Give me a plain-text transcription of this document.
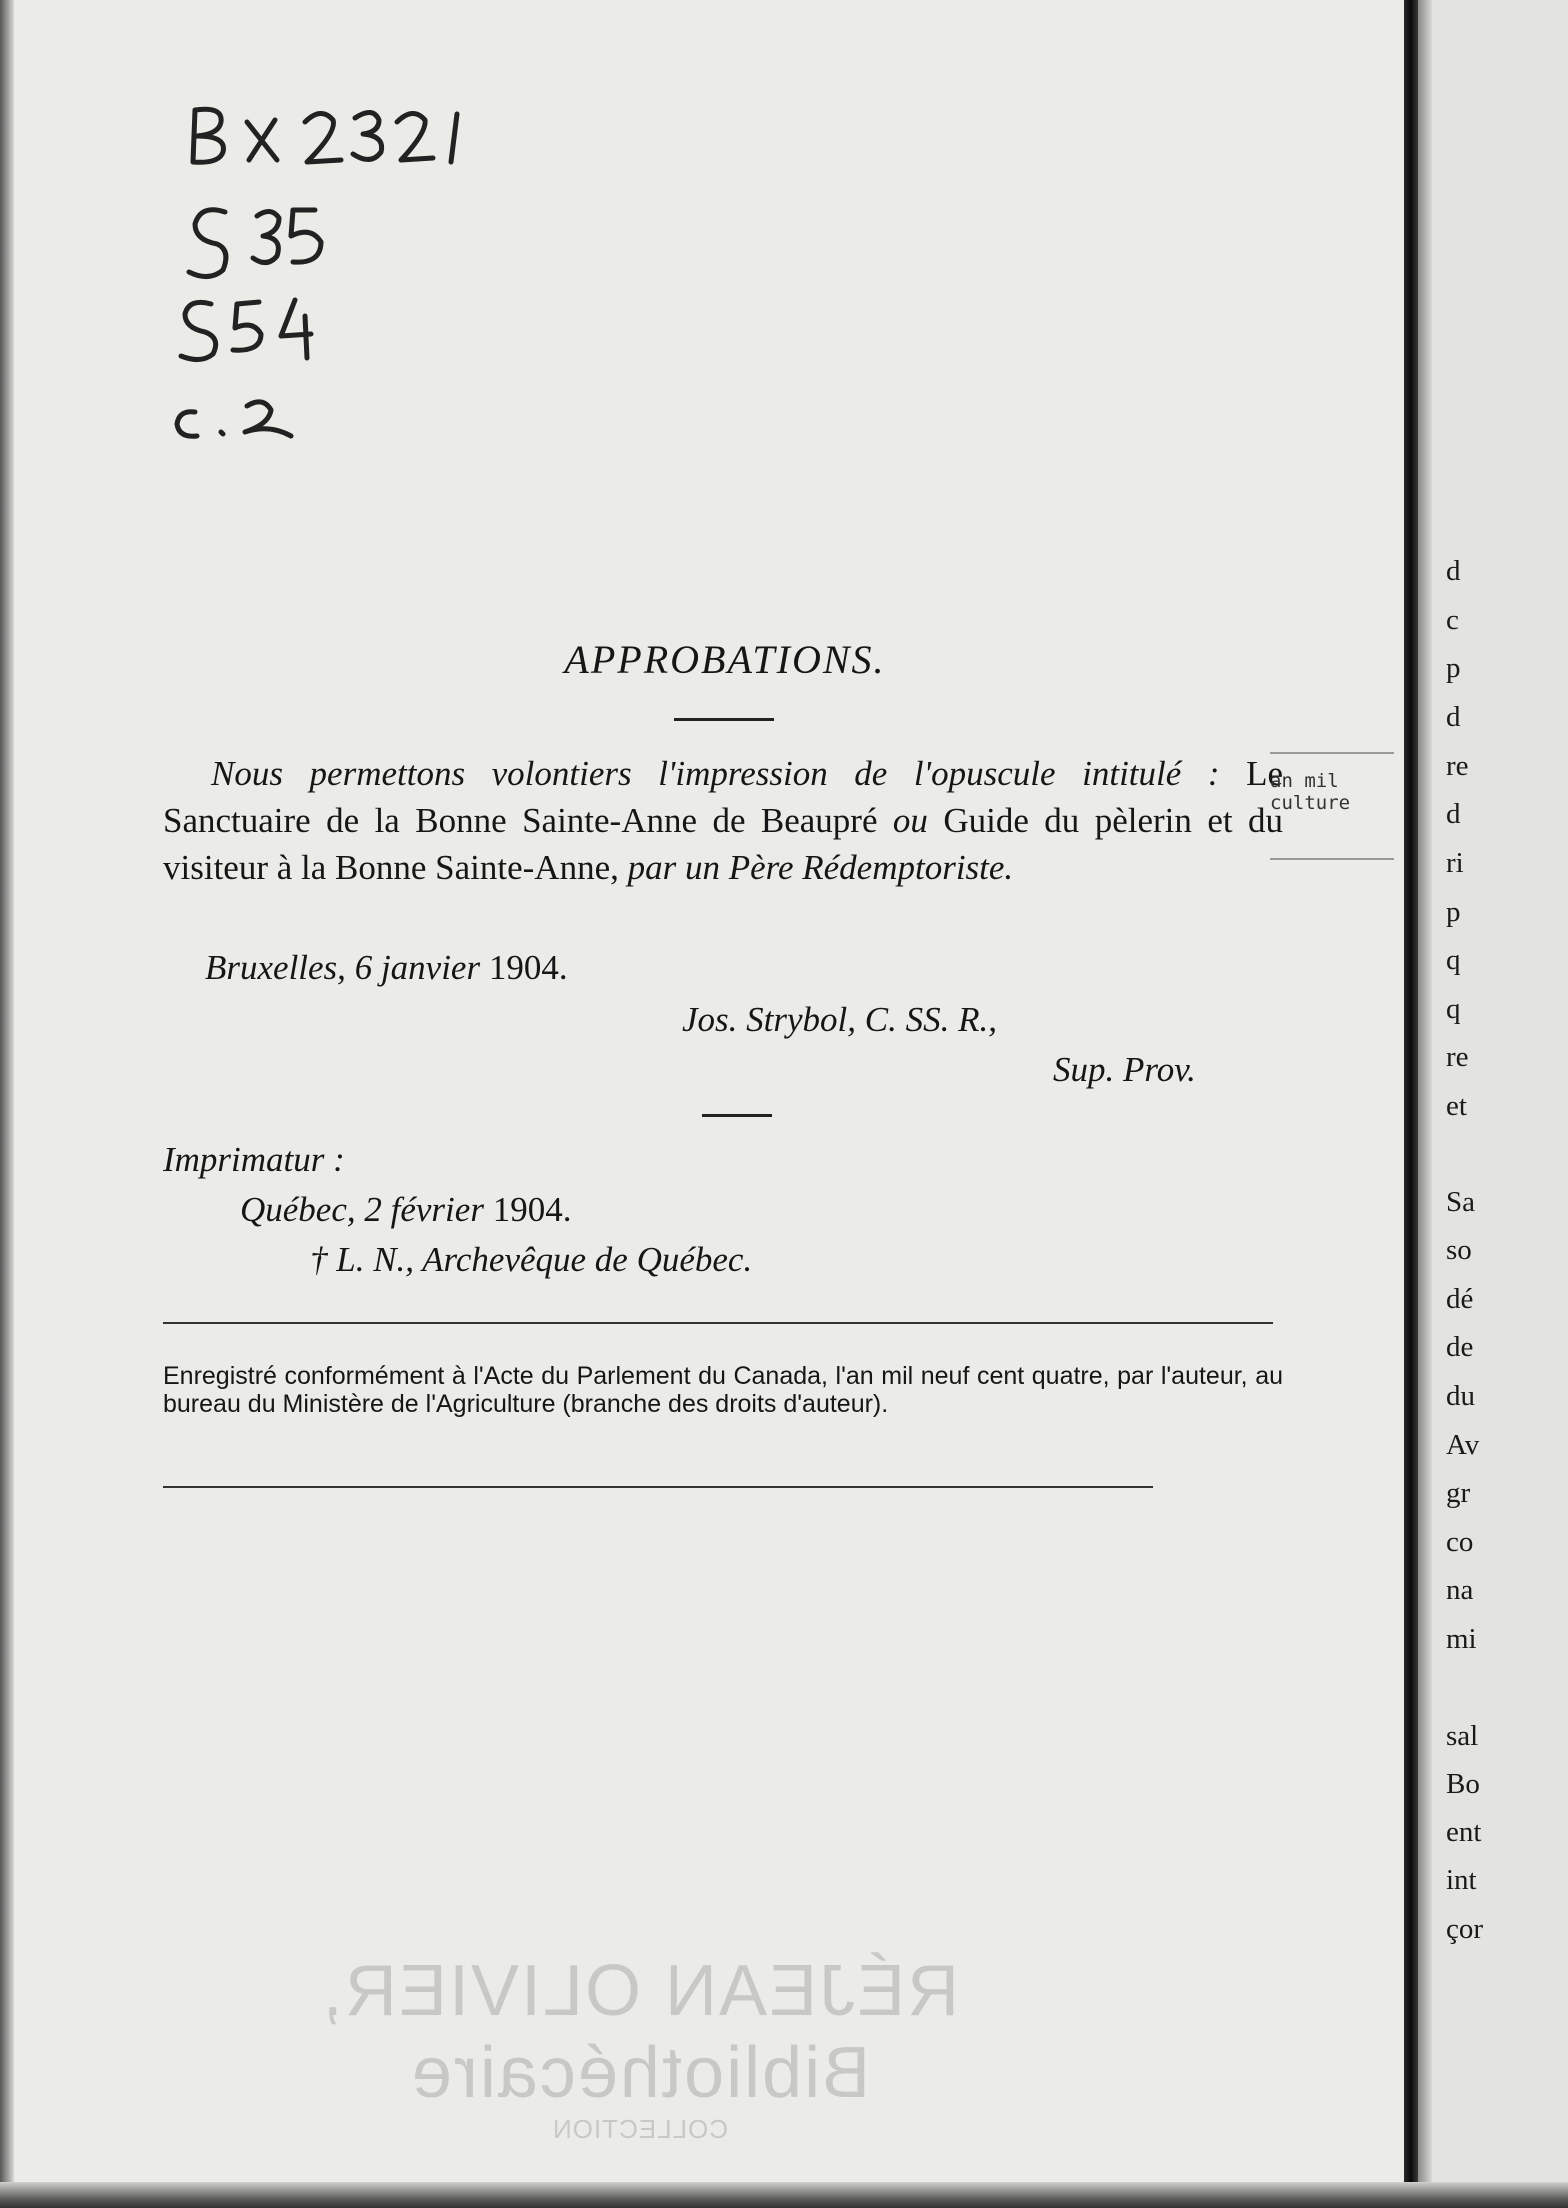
APPROBATIONS.

Nous permettons volontiers l'impression de l'opuscule intitulé : Le Sanctuaire de la Bonne Sainte-Anne de Beaupré ou Guide du pèlerin et du visiteur à la Bonne Sainte-Anne, par un Père Rédemptoriste.

Bruxelles, 6 janvier 1904.
Jos. Strybol, C. SS. R.,
Sup. Prov.
Imprimatur :
Québec, 2 février 1904.
† L. N., Archevêque de Québec.
Enregistré conformément à l'Acte du Parlement du Canada, l'an mil neuf cent quatre, par l'auteur, au bureau du Ministère de l'Agriculture (branche des droits d'auteur).
an mil
culture
RÉJEAN OLIVIER, Bibliothécaire
COLLECTION
d
c
p
d
re
d
ri
p
q
q
re
et
Sa
so
dé
de
du
Av
gr
co
na
mi
sal
Bo
ent
int
çor
